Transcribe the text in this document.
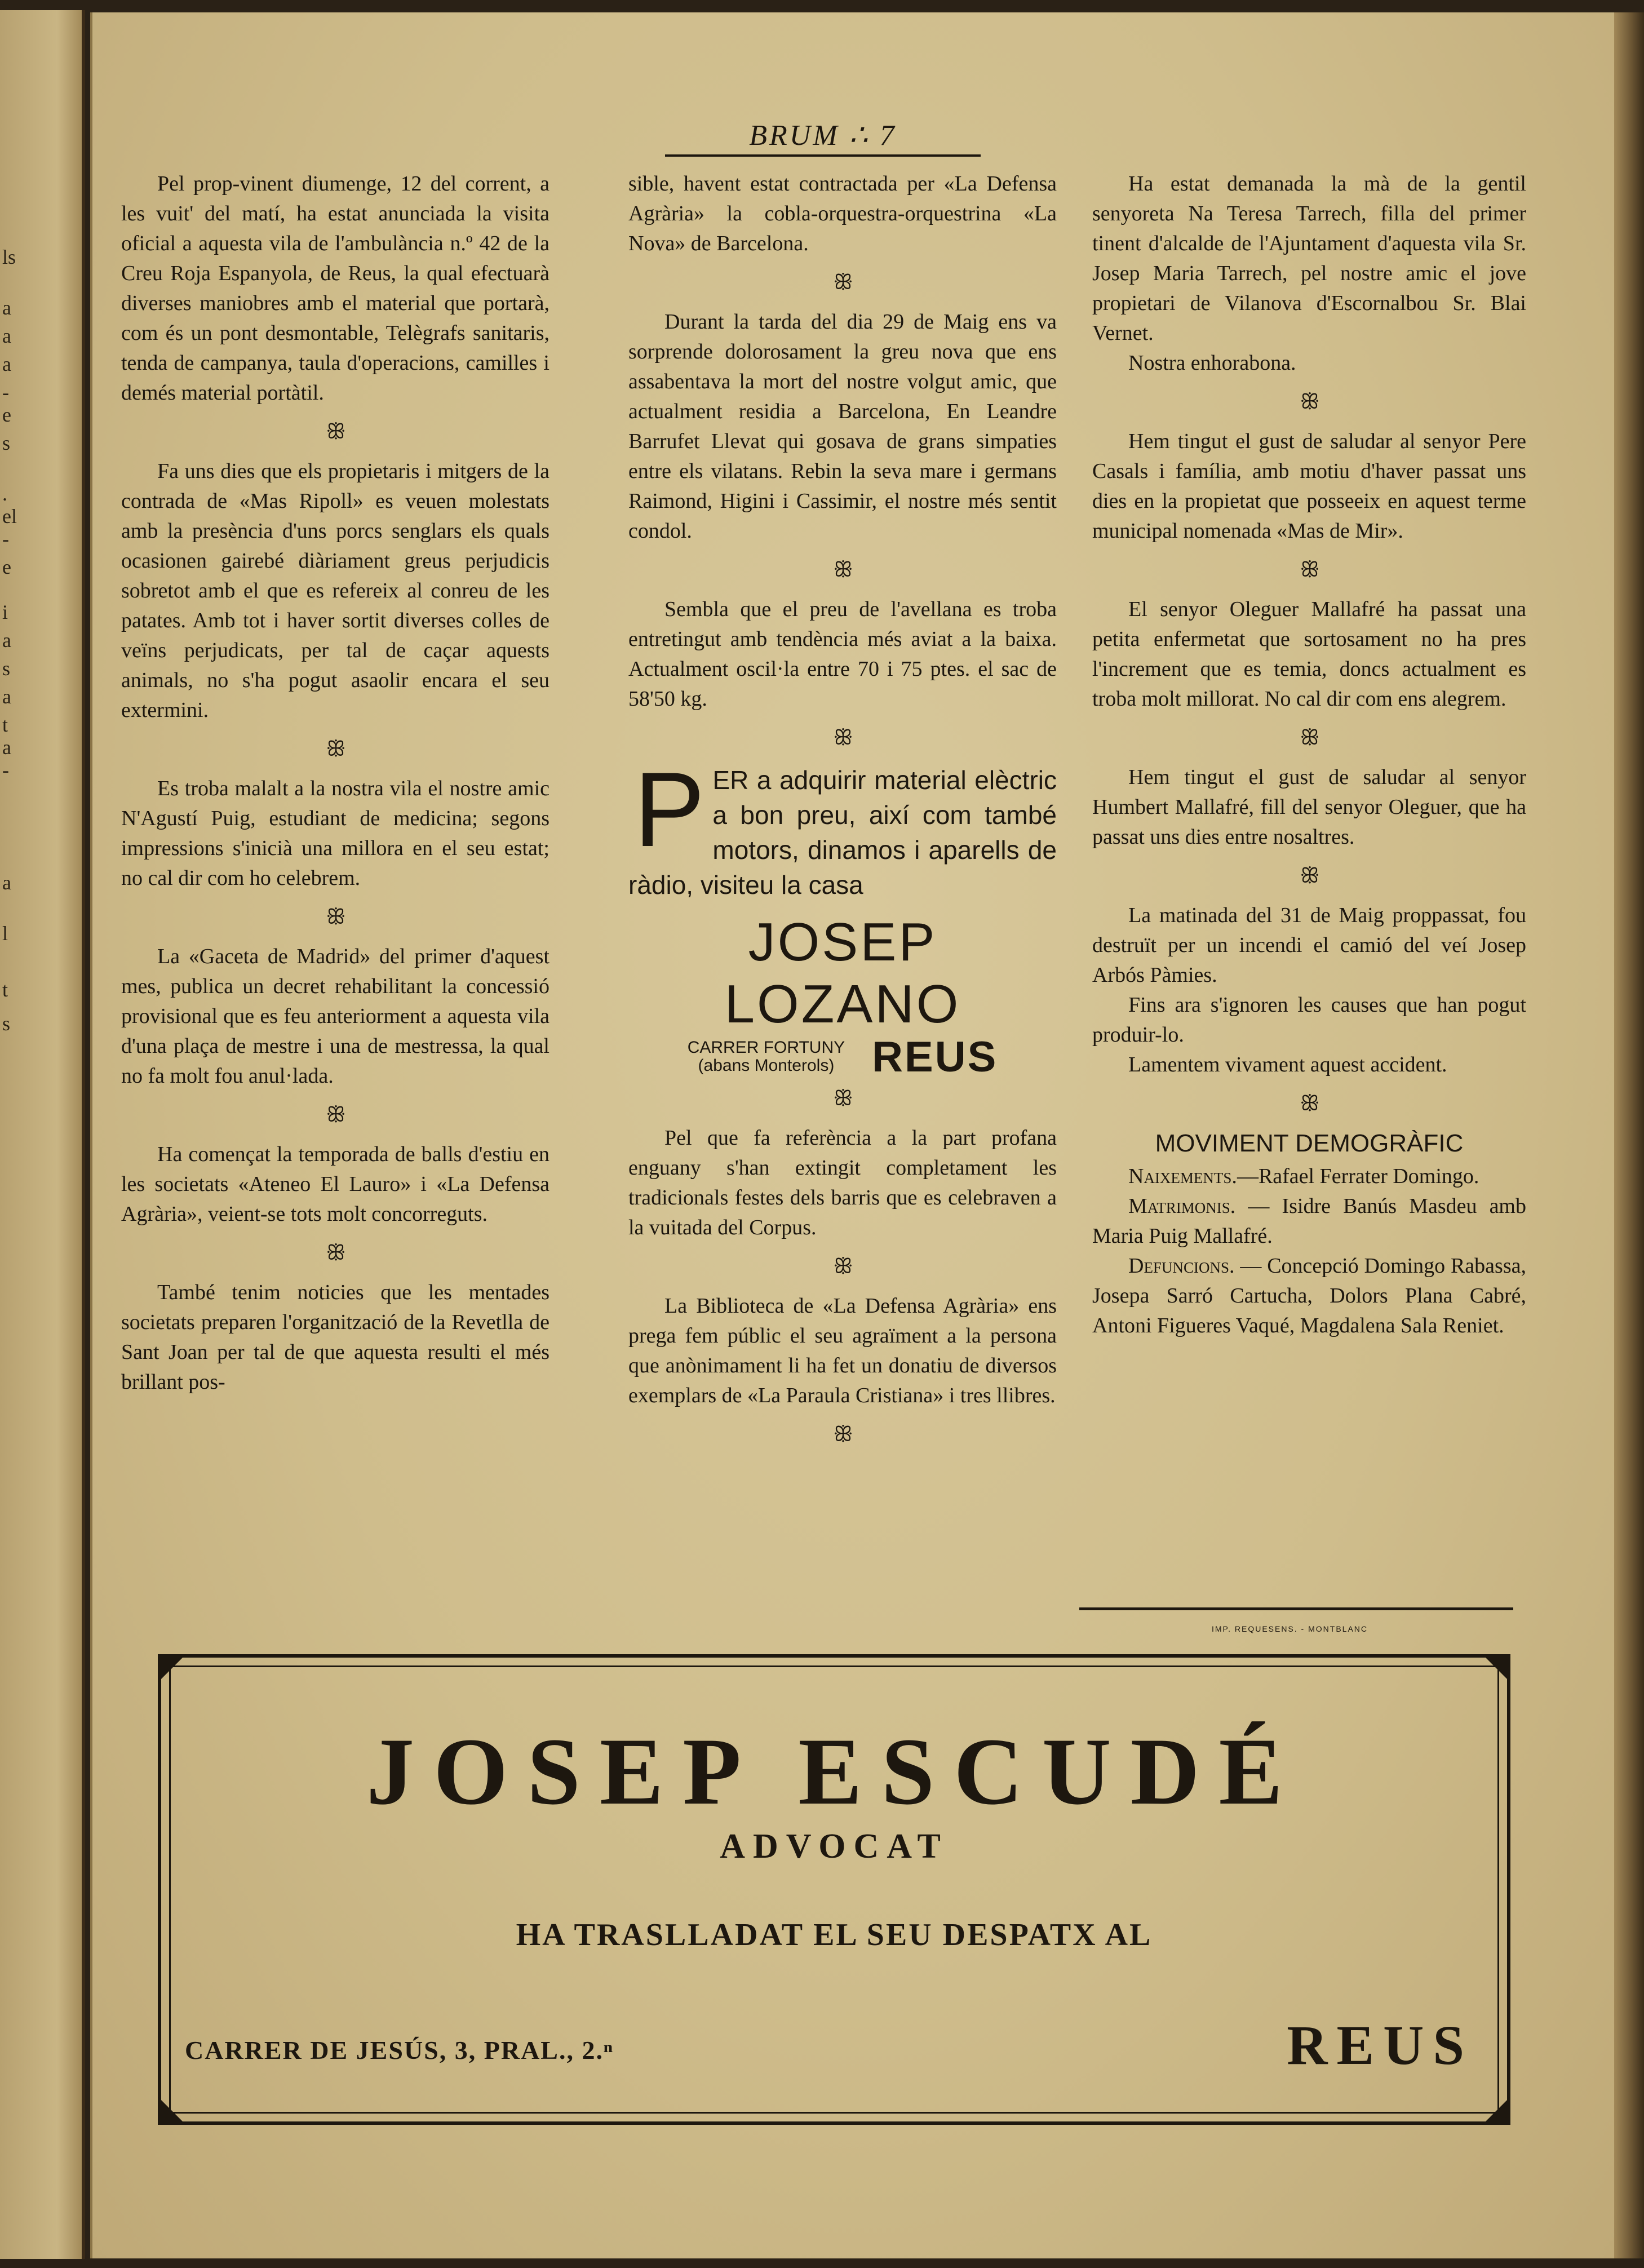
ls
a
a
a
-
e
s
.
el
-
e
i
a
s
a
t
a
-
a
l
t
s
BRUM ∴ 7

Pel prop-vinent diumenge, 12 del corrent, a les vuit' del matí, ha estat anunciada la visita oficial a aquesta vila de l'ambulància n.º 42 de la Creu Roja Espanyola, de Reus, la qual efectuarà diverses maniobres amb el material que portarà, com és un pont desmontable, Telègrafs sanitaris, tenda de campanya, taula d'operacions, camilles i demés material portàtil.

ꕥ

Fa uns dies que els propietaris i mitgers de la contrada de «Mas Ripoll» es veuen molestats amb la presència d'uns porcs senglars els quals ocasionen gairebé diàriament greus perjudicis sobretot amb el que es refereix al conreu de les patates. Amb tot i haver sortit diverses colles de veïns perjudicats, per tal de caçar aquests animals, no s'ha pogut asaolir encara el seu extermini.

ꕥ

Es troba malalt a la nostra vila el nostre amic N'Agustí Puig, estudiant de medicina; segons impressions s'inicià una millora en el seu estat; no cal dir com ho celebrem.

ꕥ

La «Gaceta de Madrid» del primer d'aquest mes, publica un decret rehabilitant la concessió provisional que es feu anteriorment a aquesta vila d'una plaça de mestre i una de mestressa, la qual no fa molt fou anul·lada.

ꕥ

Ha començat la temporada de balls d'estiu en les societats «Ateneo El Lauro» i «La Defensa Agrària», veient-se tots molt concorreguts.

ꕥ

També tenim noticies que les mentades societats preparen l'organització de la Revetlla de Sant Joan per tal de que aquesta resulti el més brillant pos-

sible, havent estat contractada per «La Defensa Agrària» la cobla-orquestra-orquestrina «La Nova» de Barcelona.

ꕥ

Durant la tarda del dia 29 de Maig ens va sorprende dolorosament la greu nova que ens assabentava la mort del nostre volgut amic, que actualment residia a Barcelona, En Leandre Barrufet Llevat qui gosava de grans simpaties entre els vilatans. Rebin la seva mare i germans Raimond, Higini i Cassimir, el nostre més sentit condol.

ꕥ

Sembla que el preu de l'avellana es troba entretingut amb tendència més aviat a la baixa. Actualment oscil·la entre 70 i 75 ptes. el sac de 58'50 kg.

ꕥ
PER a adquirir material elèctric a bon preu, així com també motors, dinamos i aparells de ràdio, visiteu la casa
JOSEP LOZANO
CARRER FORTUNY
(abans Monterols) REUS
ꕥ

Pel que fa referència a la part profana enguany s'han extingit completament les tradicionals festes dels barris que es celebraven a la vuitada del Corpus.

ꕥ

La Biblioteca de «La Defensa Agrària» ens prega fem públic el seu agraïment a la persona que anònimament li ha fet un donatiu de diversos exemplars de «La Paraula Cristiana» i tres llibres.

ꕥ

Ha estat demanada la mà de la gentil senyoreta Na Teresa Tarrech, filla del primer tinent d'alcalde de l'Ajuntament d'aquesta vila Sr. Josep Maria Tarrech, pel nostre amic el jove propietari de Vilanova d'Escornalbou Sr. Blai Vernet.

Nostra enhorabona.

ꕥ

Hem tingut el gust de saludar al senyor Pere Casals i família, amb motiu d'haver passat uns dies en la propietat que posseeix en aquest terme municipal nomenada «Mas de Mir».

ꕥ

El senyor Oleguer Mallafré ha passat una petita enfermetat que sortosament no ha pres l'increment que es temia, doncs actualment es troba molt millorat. No cal dir com ens alegrem.

ꕥ

Hem tingut el gust de saludar al senyor Humbert Mallafré, fill del senyor Oleguer, que ha passat uns dies entre nosaltres.

ꕥ

La matinada del 31 de Maig proppassat, fou destruït per un incendi el camió del veí Josep Arbós Pàmies.

Fins ara s'ignoren les causes que han pogut produir-lo.

Lamentem vivament aquest accident.

ꕥ
MOVIMENT DEMOGRÀFIC

Naixements.—Rafael Ferrater Domingo.

Matrimonis. — Isidre Banús Masdeu amb Maria Puig Mallafré.

Defuncions. — Concepció Domingo Rabassa, Josepa Sarró Cartucha, Dolors Plana Cabré, Antoni Figueres Vaqué, Magdalena Sala Reniet.

IMP. REQUESENS. - MONTBLANC
JOSEP ESCUDÉ
ADVOCAT
HA TRASLLADAT EL SEU DESPATX AL
CARRER DE JESÚS, 3, PRAL., 2.ⁿ	REUS
